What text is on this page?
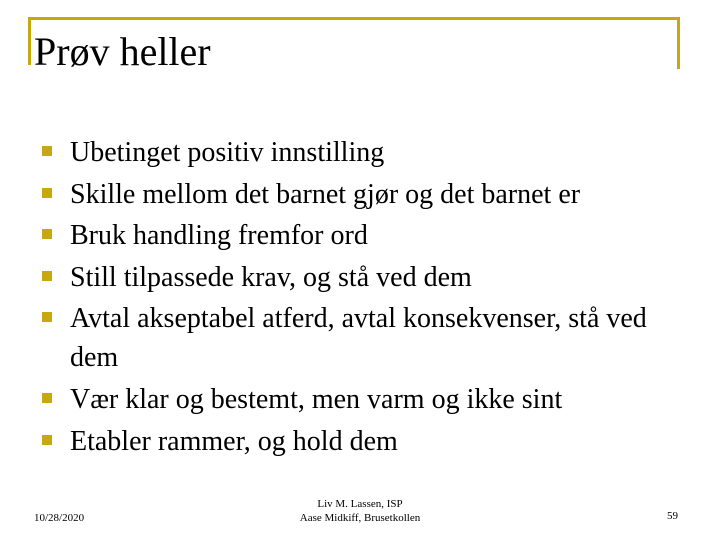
Prøv heller
Ubetinget positiv innstilling
Skille mellom det barnet gjør og det barnet er
Bruk handling fremfor ord
Still tilpassede krav, og stå ved dem
Avtal akseptabel atferd, avtal konsekvenser, stå ved dem
Vær klar og bestemt, men varm og ikke sint
Etabler rammer, og hold dem
10/28/2020
Liv M. Lassen, ISP
Aase Midkiff, Brusetkollen	59
